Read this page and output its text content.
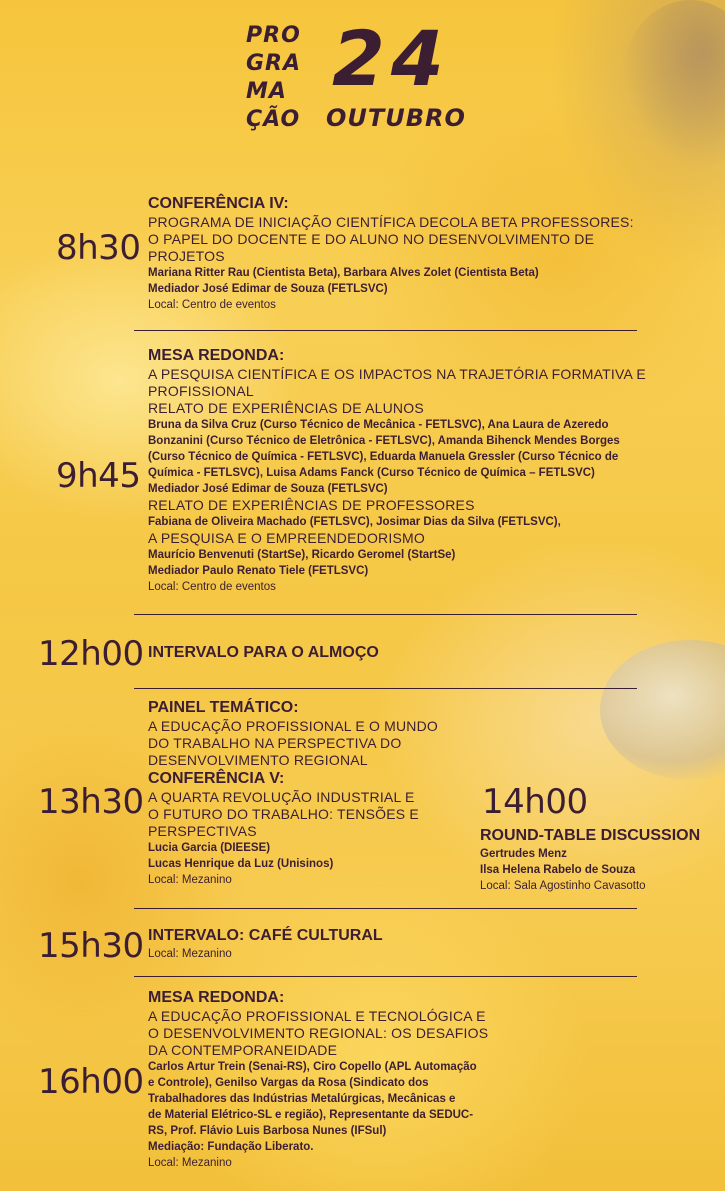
PRO
GRA
MA
ÇÃO
24
OUTUBRO
8h30

CONFERÊNCIA IV:

PROGRAMA DE INICIAÇÃO CIENTÍFICA DECOLA BETA PROFESSORES:

O PAPEL DO DOCENTE E DO ALUNO NO DESENVOLVIMENTO DE

PROJETOS

Mariana Ritter Rau (Cientista Beta), Barbara Alves Zolet (Cientista Beta)

Mediador José Edimar de Souza (FETLSVC)

Local: Centro de eventos

9h45

MESA REDONDA:

A PESQUISA CIENTÍFICA E OS IMPACTOS NA TRAJETÓRIA FORMATIVA E

PROFISSIONAL

RELATO DE EXPERIÊNCIAS DE ALUNOS

Bruna da Silva Cruz (Curso Técnico de Mecânica - FETLSVC), Ana Laura de Azeredo

Bonzanini (Curso Técnico de Eletrônica - FETLSVC), Amanda Bihenck Mendes Borges

(Curso Técnico de Química - FETLSVC), Eduarda Manuela Gressler (Curso Técnico de

Química - FETLSVC), Luisa Adams Fanck (Curso Técnico de Química – FETLSVC)

Mediador José Edimar de Souza (FETLSVC)

RELATO DE EXPERIÊNCIAS DE PROFESSORES

Fabiana de Oliveira Machado (FETLSVC), Josimar Dias da Silva (FETLSVC),

A PESQUISA E O EMPREENDEDORISMO

Maurício Benvenuti (StartSe), Ricardo Geromel (StartSe)

Mediador Paulo Renato Tiele (FETLSVC)

Local: Centro de eventos

12h00 INTERVALO PARA O ALMOÇO

13h30

PAINEL TEMÁTICO:

A EDUCAÇÃO PROFISSIONAL E O MUNDO

DO TRABALHO NA PERSPECTIVA DO

DESENVOLVIMENTO REGIONAL

CONFERÊNCIA V:

A QUARTA REVOLUÇÃO INDUSTRIAL E

O FUTURO DO TRABALHO: TENSÕES E

PERSPECTIVAS

Lucia Garcia (DIEESE)

Lucas Henrique da Luz (Unisinos)

Local: Mezanino

14h00

ROUND-TABLE DISCUSSION

Gertrudes Menz

Ilsa Helena Rabelo de Souza

Local: Sala Agostinho Cavasotto

15h30 INTERVALO: CAFÉ CULTURAL

Local: Mezanino

16h00

MESA REDONDA:

A EDUCAÇÃO PROFISSIONAL E TECNOLÓGICA E

O DESENVOLVIMENTO REGIONAL: OS DESAFIOS

DA CONTEMPORANEIDADE

Carlos Artur Trein (Senai-RS), Ciro Copello (APL Automação

e Controle), Genilso Vargas da Rosa (Sindicato dos

Trabalhadores das Indústrias Metalúrgicas, Mecânicas e

de Material Elétrico-SL e região), Representante da SEDUC-

RS, Prof. Flávio Luis Barbosa Nunes (IFSul)

Mediação: Fundação Liberato.

Local: Mezanino
